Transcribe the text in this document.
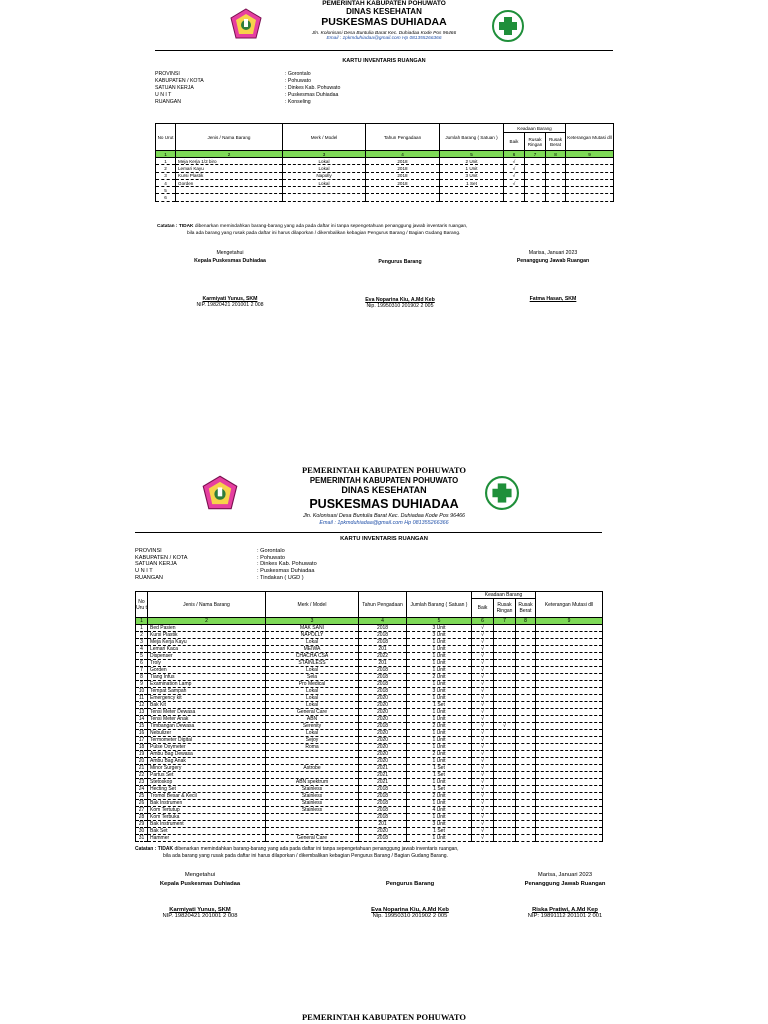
PEMERINTAH KABUPATEN POHUWATO
DINAS KESEHATAN
PUSKESMAS DUHIADAA
Jln. Kolonisasi Desa Buntulia Barat Kec. Duhiadaa Kode Pos 96466
Email : 1pkmduhiadaa@gmail.com Hp 081355266366
KARTU INVENTARIS RUANGAN
PROVINSI	: Gorontalo
KABUPATEN / KOTA	: Pohuwato
SATUAN KERJA	: Dinkes Kab. Pohuwato
U N I T	: Puskesmas Duhiadaa
RUANGAN	: Konseling
No Urut	Jenis / Nama Barang	Merk / Model	Tahun Pengadaan	Jumlah Barang ( Satuan )	Keadaan Barang			Keterangan Mutasi dll
					Baik	Rusak Ringan	Rusak Berat	
1	2	3	4	5	6	7	8	9
1	Meja Kerja 1/2 biro	Lokal	2018	2 Unit	√			
2	Lemari Kayu	Lokal	2018	1 Unit	√			
3	Kursi Plastik	Napolly	2018	3 Unit	√			
4	Gorden	Lokal	2018	1 Set	√			
5								
6								
Catatan : TIDAK dibenarkan memindahkan barang-barang yang ada pada daftar ini tanpa sepengetahuan penanggung jawab inventaris ruangan,
bila ada barang yang rusak pada daftar ini harus dilaporkan / dikembalikan kebagian Pengurus Barang / Bagian Gudang Barang.
Mengetahui
Kepala Puskesmas Duhiadaa
Karmiyati Yunus, SKM
NIP. 19820421 201001 2 008
Pengurus Barang
Eva Noparina Kiu, A.Md Keb
Nip. 19950310 201902 2 005
Marisa, Januari 2023
Penanggung Jawab Ruangan
Fatma Hasan, SKM
PEMERINTAH KABUPATEN POHUWATO
PEMERINTAH KABUPATEN POHUWATO
DINAS KESEHATAN
PUSKESMAS DUHIADAA
Jln. Kolonisasi Desa Buntulia Barat Kec. Duhiadaa Kode Pos 96466
Email : 1pkmduhiadaa@gmail.com Hp 081355266366
KARTU INVENTARIS RUANGAN
PROVINSI	: Gorontalo
KABUPATEN / KOTA	: Pohuwato
SATUAN KERJA	: Dinkes Kab. Pohuwato
U N I T	: Puskesmas Duhiadaa
RUANGAN	: Tindakan ( UGD )
No Uru t	Jenis / Nama Barang	Merk / Model	Tahun Pengadaan	Jumlah Barang ( Satuan )	Keadaan Barang			Keterangan Mutasi dll
					Baik	Rusak Ringan	Rusak Berat	
1	2	3	4	5	6	7	8	9
1	Bed Pasien	MAK SANI	2018	3 Unit	√			
2	Kursi Plastik	NAPOLLY	2018	3 Unit	√			
3	Meja Kerja Kayu	Lokal	2018	1 Unit	√			
4	Lemari Kaca	MEIWA	201	1 Unit	√			
5	Dispenser	CHACHA CSA	2022	1 Unit	√			
6	Troly	STAINLESS	201	1 Unit	√			
7	Gorden	Lokal	2018	1 Unit	√			
8	Tiang Infus	Sela	2018	2 Unit	√			
9	Examination Lamp	Pro Medical	2018	1 Unit	√			
10	Tempat Sampah	Lokal	2018	3 Unit	√			
11	Emergency kit	Lokal	2020	1 Unit	√			
12	Bak Kit	Lokal	2020	1 Set	√			
13	Tensi Meter Dewasa	General Care	2020	1 Unit	√			
14	Tensi Meter Anak	ABN	2020	1 Unit	√			
15	Timbangan Dewasa	Serenity	2018	2 Unit	√	√		
16	Nebulizer	Lokal	2020	1 Unit	√			
17	Termometer Digital	Sejoy	2020	1 Unit	√			
18	Pulse Oxymeter	Roma	2020	1 Unit	√			
19	Ambu Bag Dewasa		2020	2 Unit	√			
20	Ambu Bag Anak		2020	1 Unit	√			
21	Minor Surgery	Astrobe	2021	1 Set	√			
22	Partus Set		2021	1 Set	√			
23	Stetoskop	ABN spektrum	2021	1 Unit	√			
24	Hecting Set	Stainless	2018	1 Set	√			
25	Tromol Besar & Kecil	Stainless	2018	2 Unit	√			
26	Bak Instrumen	Stainless	2018	1 Unit	√			
27	Kom Tertutup	Stainless	2018	4 Unit	√			
28	Kom Terbuka		2018	1 Unit	√			
29	Bak Instrument		201	3 Unit	√			
30	Bak Set		2020	1 Set	√			
31	Hammer	General Care	2018	1 Unit	√			
Catatan : TIDAK dibenarkan memindahkan barang-barang yang ada pada daftar ini tanpa sepengetahuan penanggung jawab inventaris ruangan,
bila ada barang yang rusak pada daftar ini harus dilaporkan / dikembalikan kebagian Pengurus Barang / Bagian Gudang Barang.
Mengetahui
Kepala Puskesmas Duhiadaa
Karmiyati Yunus, SKM
NIP. 19820421 201001 2 008
Pengurus Barang
Eva Noparina Kiu, A.Md Keb
Nip. 19950310 201902 2 005
Marisa, Januari 2023
Penanggung Jawab Ruangan
Riska Pratiwi, A.Md Kep
NIP: 19891112 201101 2 001
PEMERINTAH KABUPATEN POHUWATO
